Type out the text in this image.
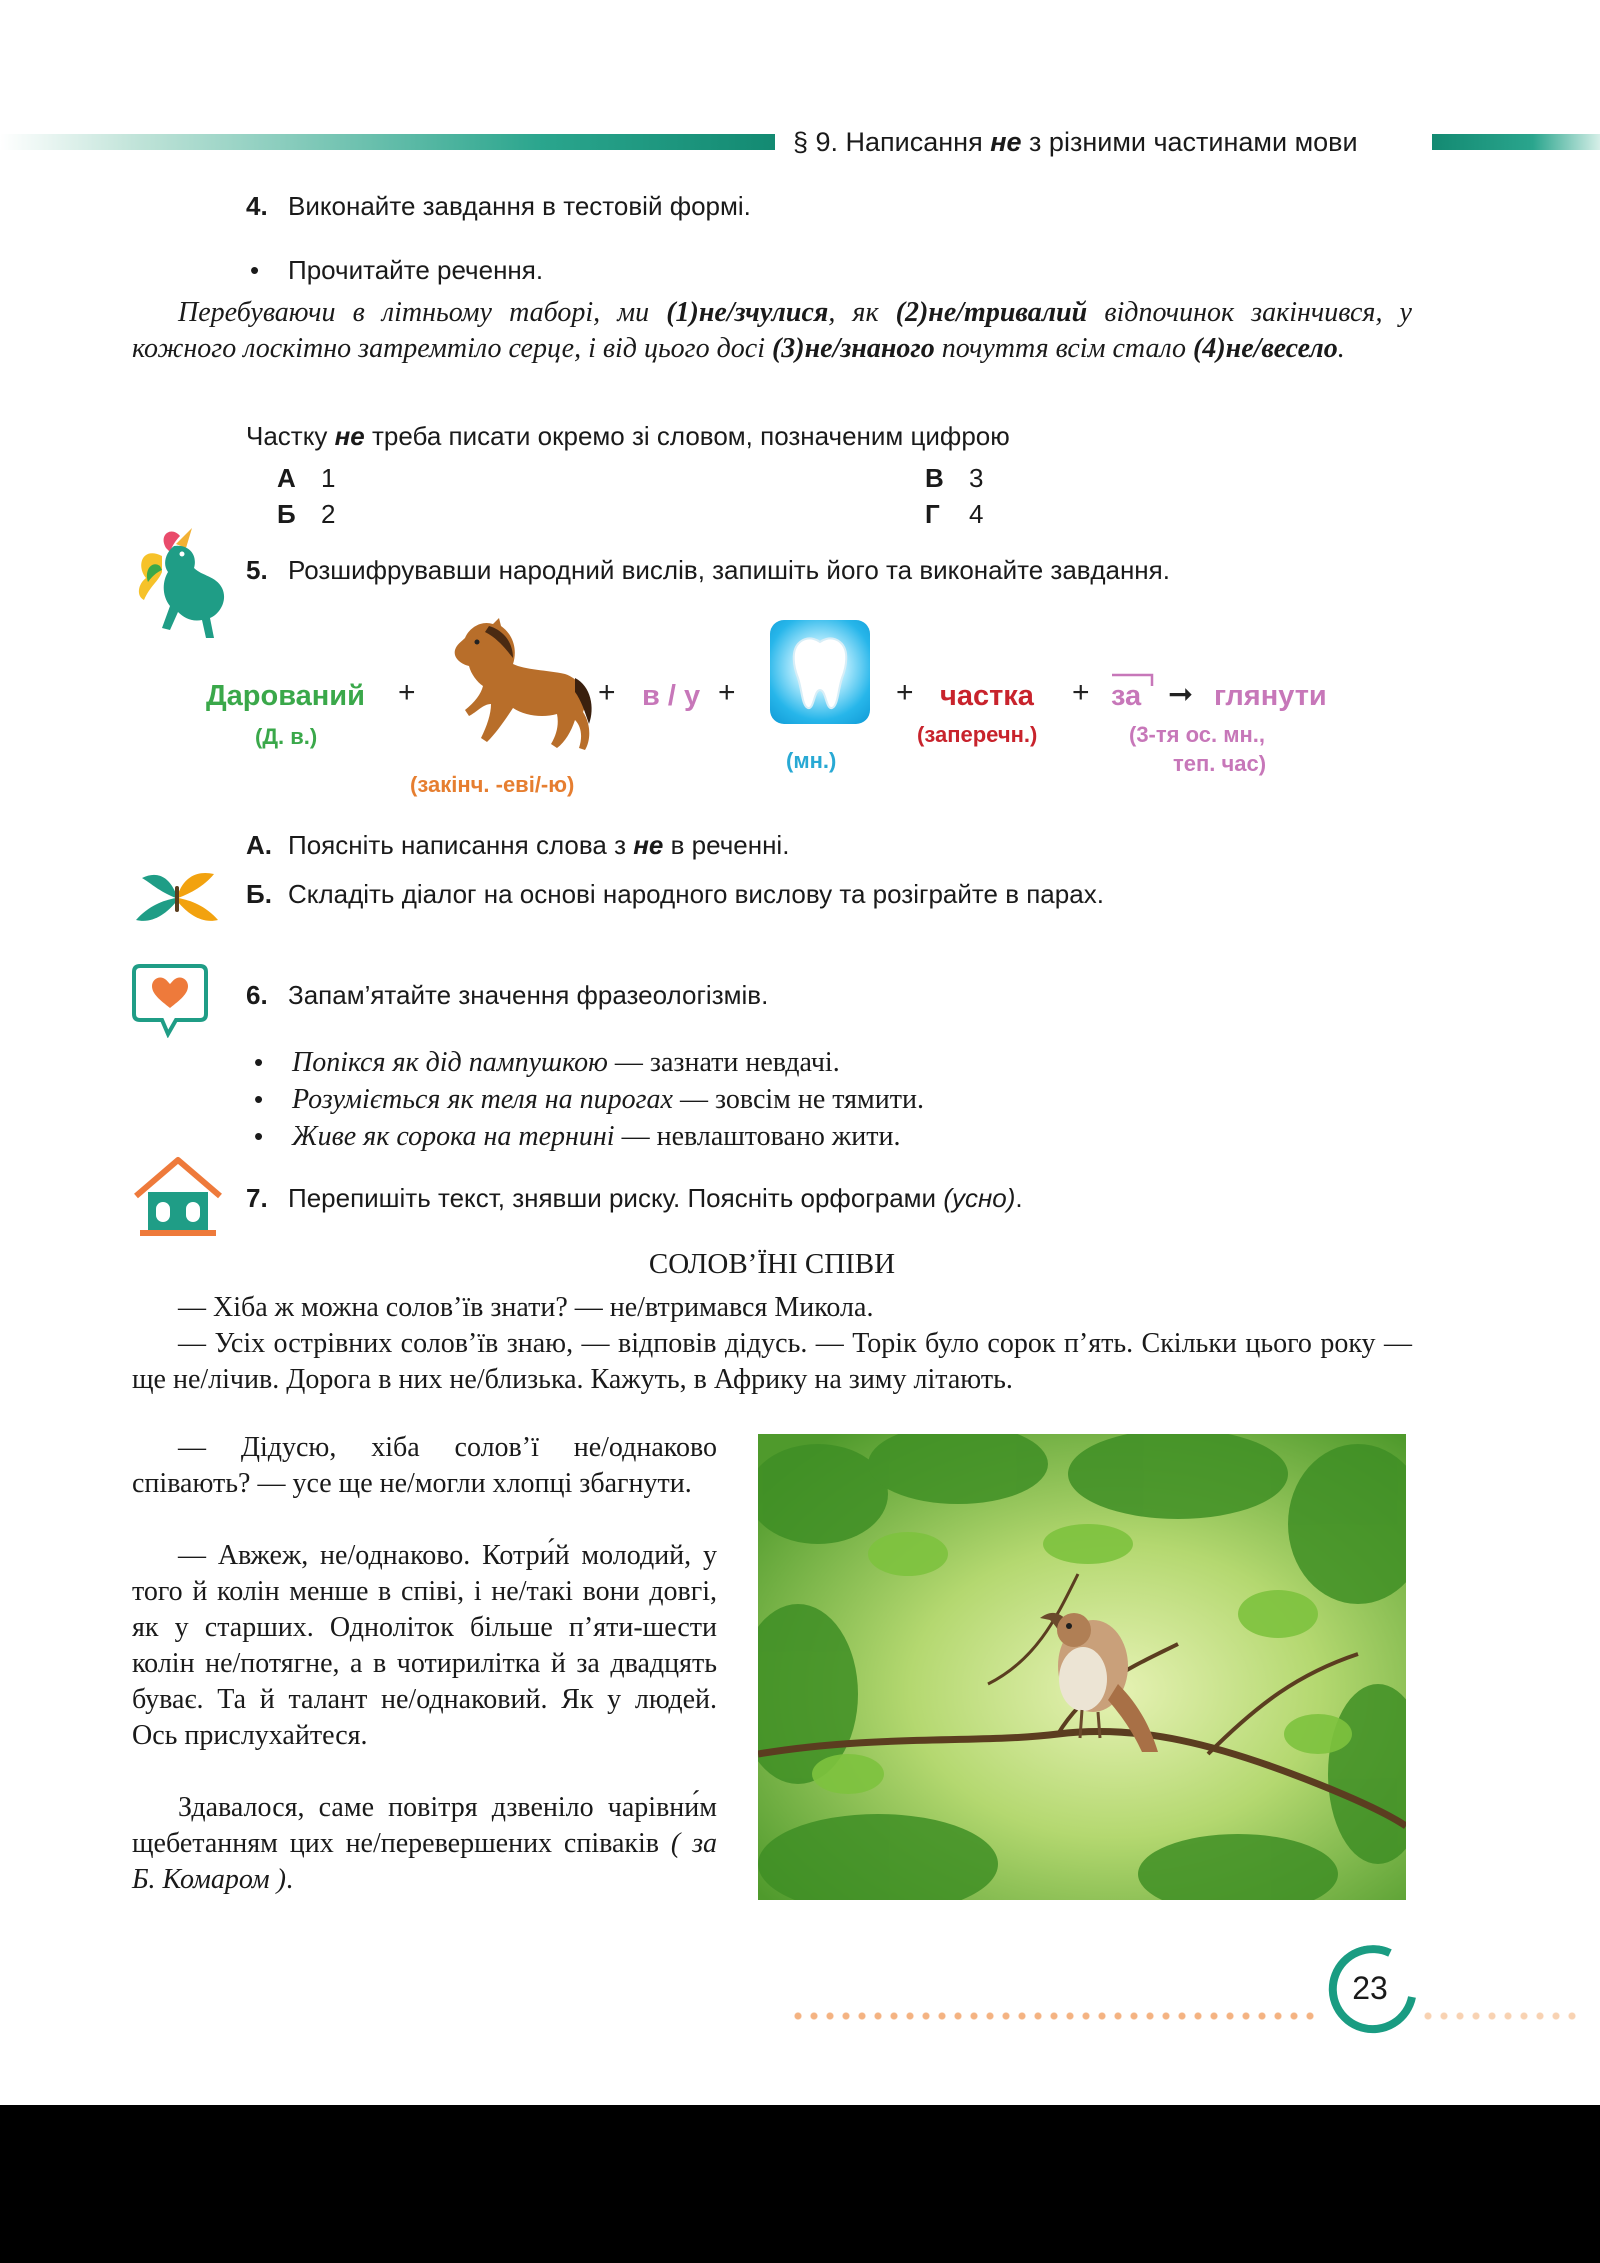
§ 9. Написання не з різними частинами мови
4. Виконайте завдання в тестовій формі.
• Прочитайте речення.
Перебуваючи в літньому таборі, ми (1)не/зчулися, як (2)не/тривалий відпочинок закінчився, у кожного лоскітно затремтіло серце, і від цього досі (3)не/знаного почуття всім стало (4)не/весело.
Частку не треба писати окремо зі словом, позначеним цифрою
А 1
Б 2
В 3
Г 4
5. Розшифрувавши народний вислів, запишіть його та виконайте завдання.
Дарований
(Д. в.)
+
(закінч. -еві/-ю)
+ в / у +
(мн.)
+ частка
(заперечн.)
+ за ➞ глянути
(3-тя ос. мн.,
теп. час)
А. Поясніть написання слова з не в реченні.
Б. Складіть діалог на основі народного вислову та розіграйте в парах.
6. Запам’ятайте значення фразеологізмів.
• Попікся як дід пампушкою — зазнати невдачі.
• Розуміється як теля на пирогах — зовсім не тямити.
• Живе як сорока на тернині — невлаштовано жити.
7. Перепишіть текст, знявши риску. Поясніть орфограми (усно).
СОЛОВ’ЇНІ СПІВИ
— Хіба ж можна солов’їв знати? — не/втримався Микола.
— Усіх острівних солов’їв знаю, — відповів дідусь. — Торік було сорок п’ять. Скільки цього року — ще не/лічив. Дорога в них не/близька. Кажуть, в Африку на зиму літають.
— Дідусю, хіба солов’ї не/однаково співають? — усе ще не/могли хлопці збагнути.
— Авжеж, не/однаково. Котри́й молодий, у того й колін менше в співі, і не/такі вони довгі, як у старших. Одноліток більше п’яти-шести колін не/потягне, а в чотирилітка й за двадцять буває. Та й талант не/однаковий. Як у людей. Ось прислухайтеся.
Здавалося, саме повітря дзвеніло чарівни́м щебетанням цих не/перевершених співаків ( за Б. Комаром ).
23
